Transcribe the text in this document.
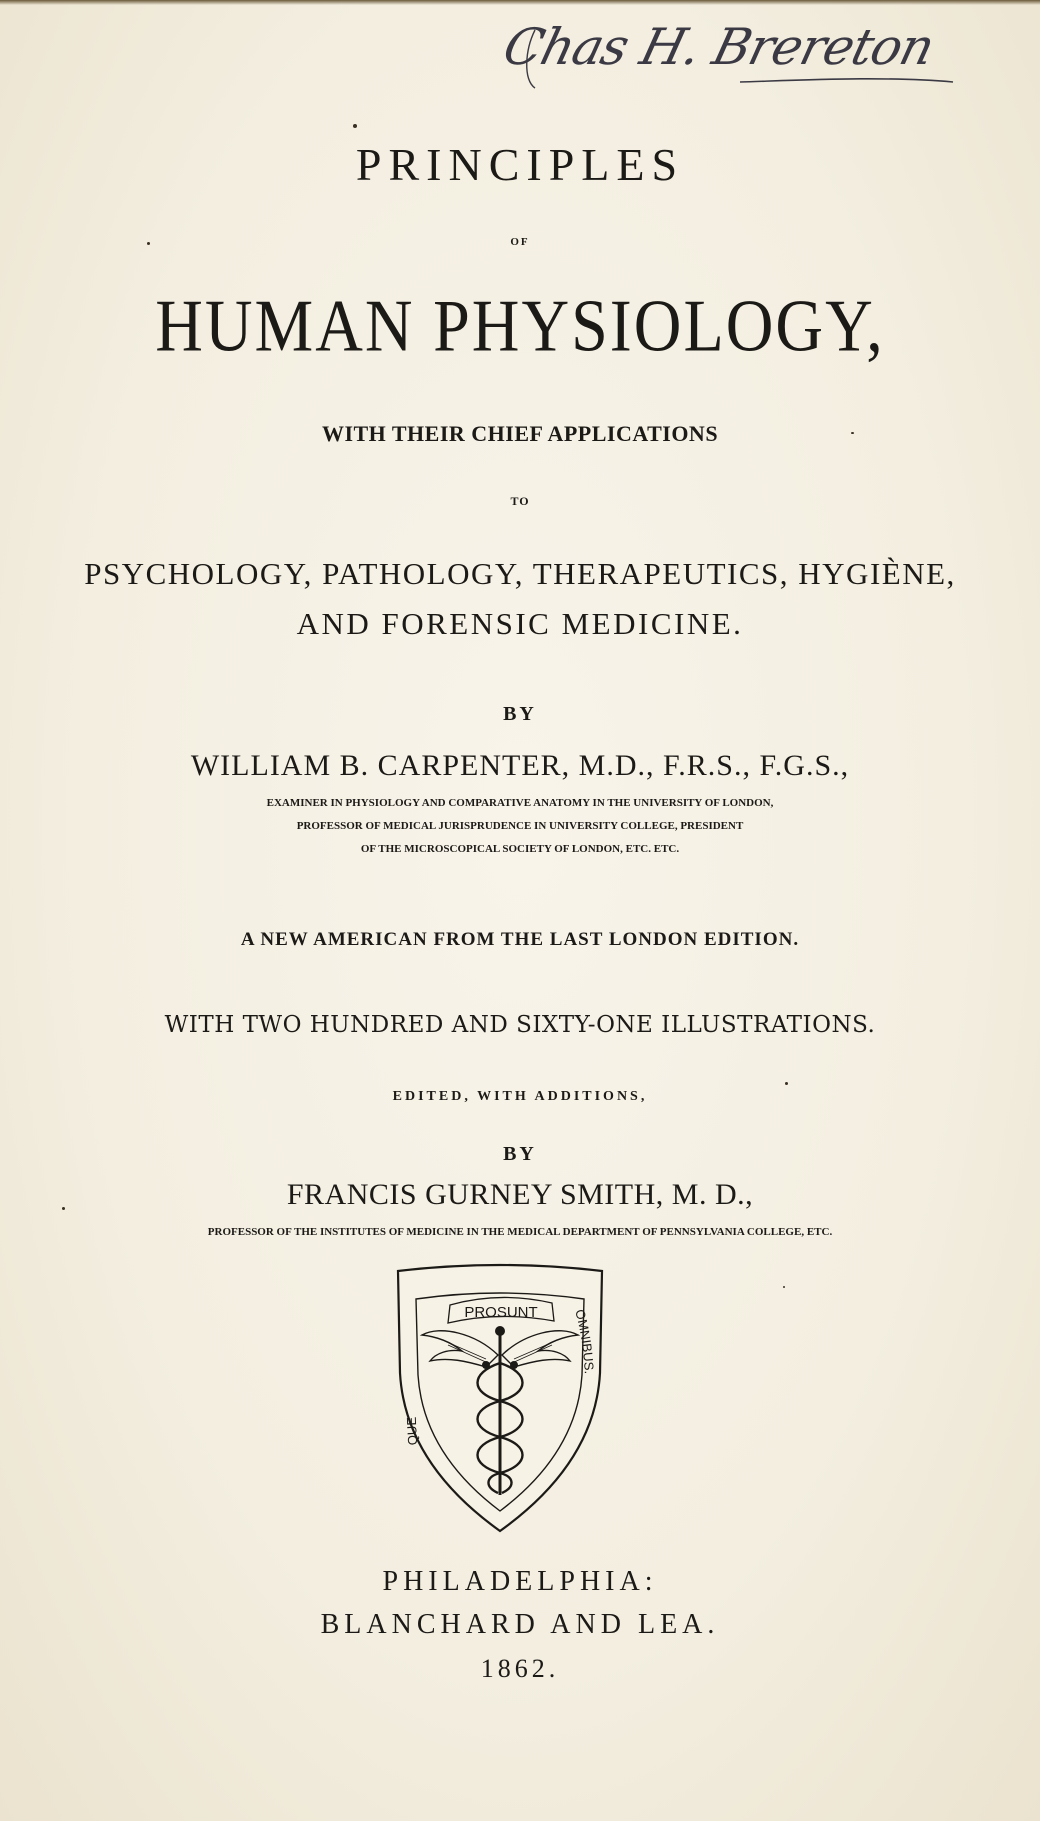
Chas H. Brereton

PRINCIPLES

OF

HUMAN PHYSIOLOGY,

WITH THEIR CHIEF APPLICATIONS

TO

PSYCHOLOGY, PATHOLOGY, THERAPEUTICS, HYGIÈNE,

AND FORENSIC MEDICINE.

BY

WILLIAM B. CARPENTER, M.D., F.R.S., F.G.S.,

EXAMINER IN PHYSIOLOGY AND COMPARATIVE ANATOMY IN THE UNIVERSITY OF LONDON,

PROFESSOR OF MEDICAL JURISPRUDENCE IN UNIVERSITY COLLEGE, PRESIDENT

OF THE MICROSCOPICAL SOCIETY OF LONDON, ETC. ETC.

A NEW AMERICAN FROM THE LAST LONDON EDITION.

WITH TWO HUNDRED AND SIXTY-ONE ILLUSTRATIONS.

EDITED, WITH ADDITIONS,

BY

FRANCIS GURNEY SMITH, M. D.,

PROFESSOR OF THE INSTITUTES OF MEDICINE IN THE MEDICAL DEPARTMENT OF PENNSYLVANIA COLLEGE, ETC.

PROSUNT
QUE
OMNIBUS.

PHILADELPHIA:

BLANCHARD AND LEA.

1862.
